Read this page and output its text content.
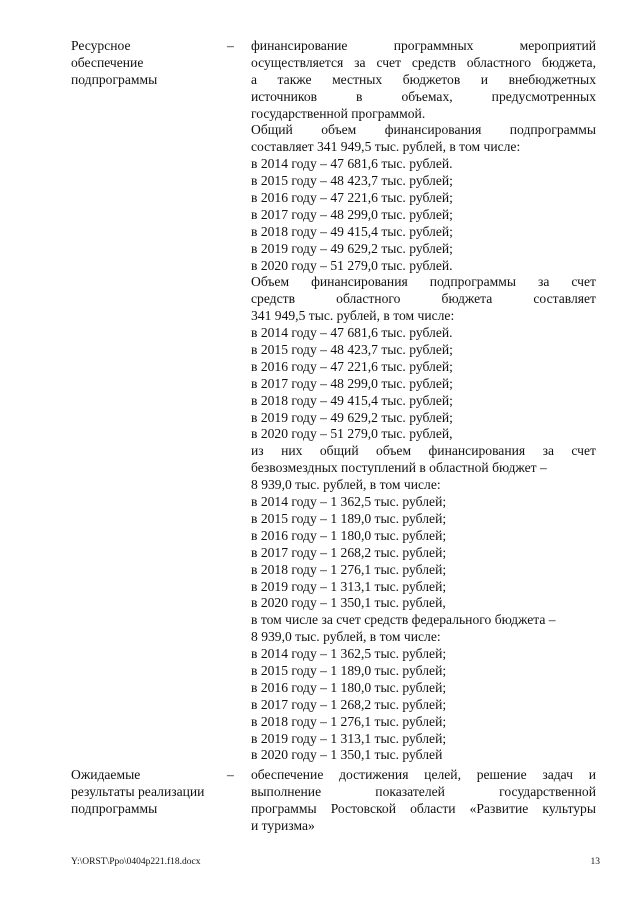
Ресурсное
обеспечение
подпрограммы
–	финансирование программных мероприятий
осуществляется за счет средств областного бюджета,
а также местных бюджетов и внебюджетных
источников в объемах, предусмотренных
государственной программой.
Общий объем финансирования подпрограммы
составляет 341 949,5 тыс. рублей, в том числе:
в 2014 году – 47 681,6 тыс. рублей.
в 2015 году – 48 423,7 тыс. рублей;
в 2016 году – 47 221,6 тыс. рублей;
в 2017 году – 48 299,0 тыс. рублей;
в 2018 году – 49 415,4 тыс. рублей;
в 2019 году – 49 629,2 тыс. рублей;
в 2020 году – 51 279,0 тыс. рублей.
Объем финансирования подпрограммы за счет
средств областного бюджета составляет
341 949,5 тыс. рублей, в том числе:
в 2014 году – 47 681,6 тыс. рублей.
в 2015 году – 48 423,7 тыс. рублей;
в 2016 году – 47 221,6 тыс. рублей;
в 2017 году – 48 299,0 тыс. рублей;
в 2018 году – 49 415,4 тыс. рублей;
в 2019 году – 49 629,2 тыс. рублей;
в 2020 году – 51 279,0 тыс. рублей,
из них общий объем финансирования за счет
безвозмездных поступлений в областной бюджет –
8 939,0 тыс. рублей, в том числе:
в 2014 году – 1 362,5 тыс. рублей;
в 2015 году – 1 189,0 тыс. рублей;
в 2016 году – 1 180,0 тыс. рублей;
в 2017 году – 1 268,2 тыс. рублей;
в 2018 году – 1 276,1 тыс. рублей;
в 2019 году – 1 313,1 тыс. рублей;
в 2020 году – 1 350,1 тыс. рублей,
в том числе за счет средств федерального бюджета –
8 939,0 тыс. рублей, в том числе:
в 2014 году – 1 362,5 тыс. рублей;
в 2015 году – 1 189,0 тыс. рублей;
в 2016 году – 1 180,0 тыс. рублей;
в 2017 году – 1 268,2 тыс. рублей;
в 2018 году – 1 276,1 тыс. рублей;
в 2019 году – 1 313,1 тыс. рублей;
в 2020 году – 1 350,1 тыс. рублей
Ожидаемые
результаты реализации
подпрограммы
–	обеспечение достижения целей, решение задач и
выполнение показателей государственной
программы Ростовской области «Развитие культуры
и туризма»
Y:\ORST\Ppo\0404p221.f18.docx	13
